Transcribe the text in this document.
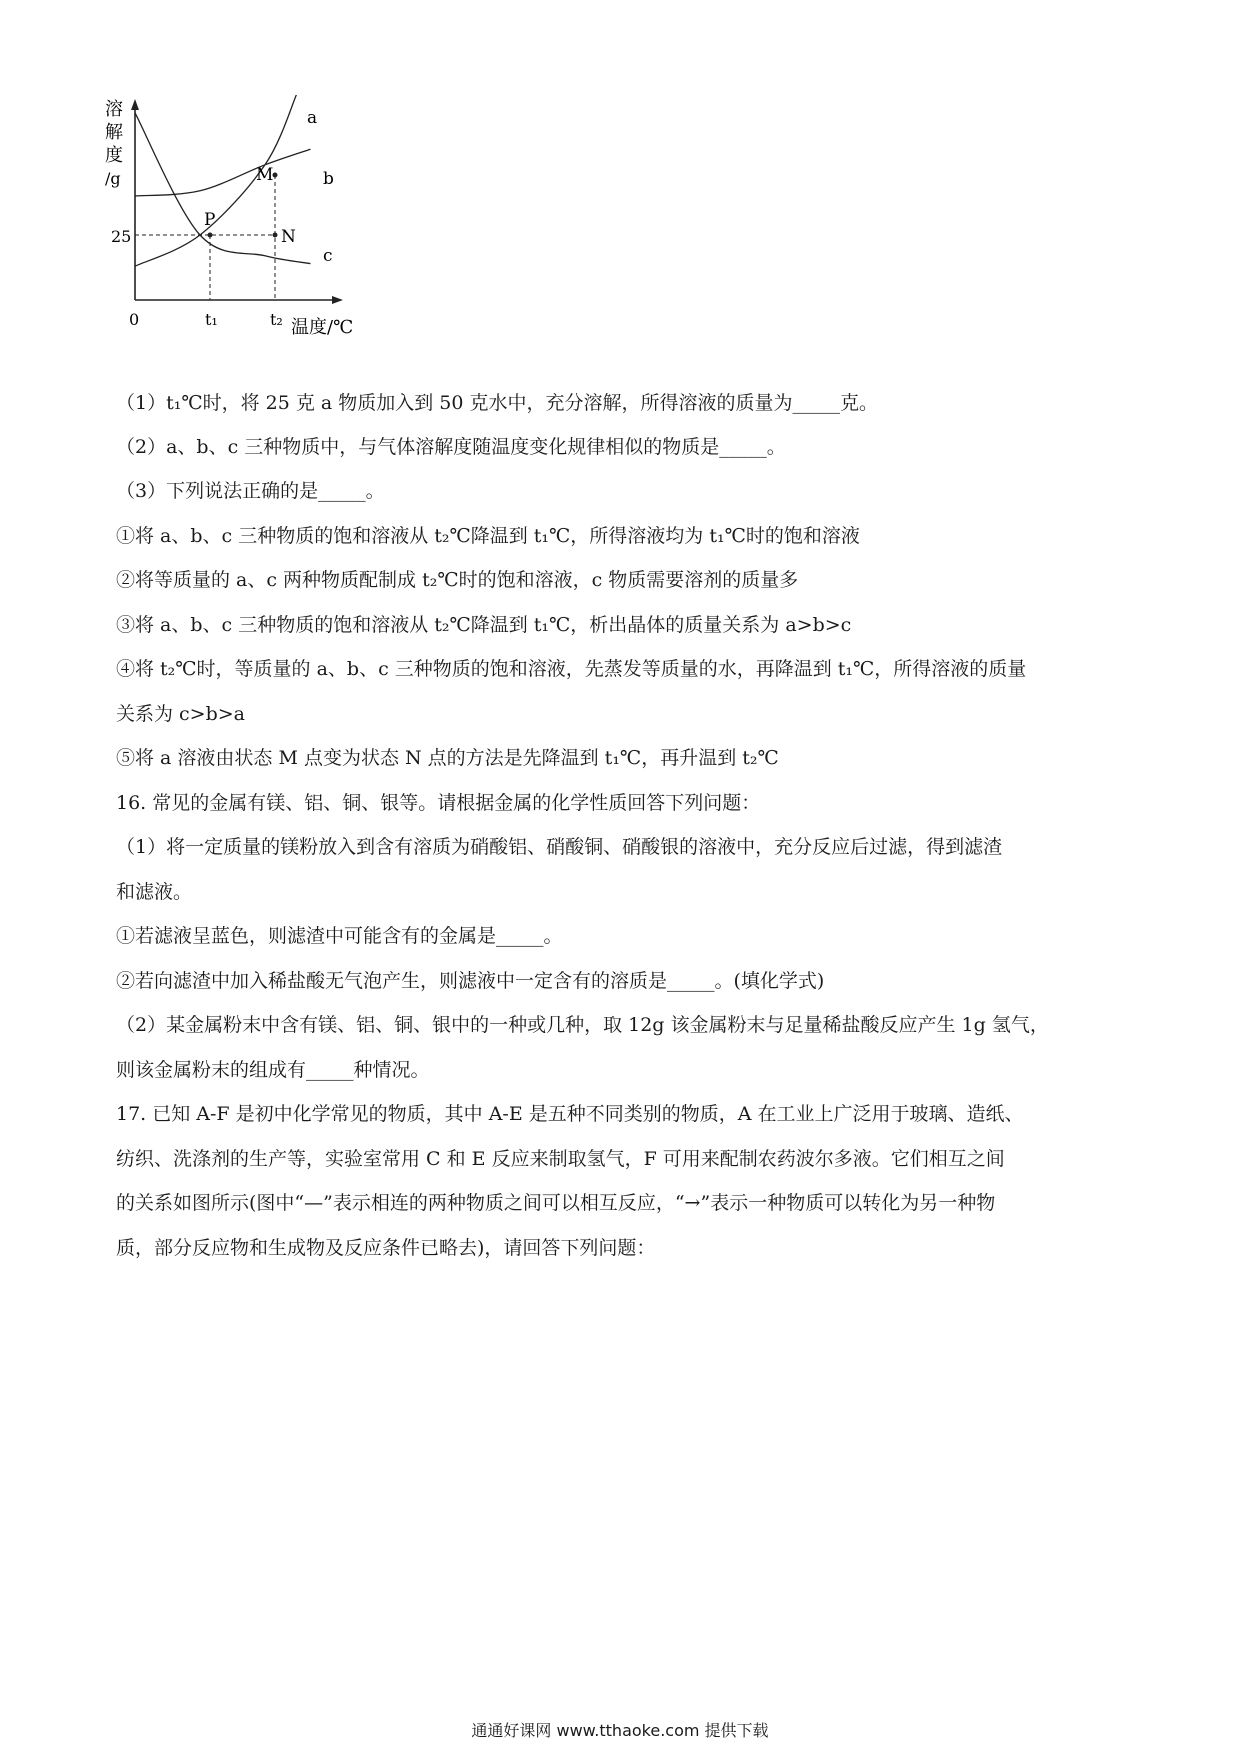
溶
解
度
/g
P
M
N
a
b
c
25
0	t₁	t₂ 温度/℃
（1）t₁℃时，将 25 克 a 物质加入到 50 克水中，充分溶解，所得溶液的质量为_____克。
（2）a、b、c 三种物质中，与气体溶解度随温度变化规律相似的物质是_____。
（3）下列说法正确的是_____。
①将 a、b、c 三种物质的饱和溶液从 t₂℃降温到 t₁℃，所得溶液均为 t₁℃时的饱和溶液
②将等质量的 a、c 两种物质配制成 t₂℃时的饱和溶液，c 物质需要溶剂的质量多
③将 a、b、c 三种物质的饱和溶液从 t₂℃降温到 t₁℃，析出晶体的质量关系为 a>b>c
④将 t₂℃时，等质量的 a、b、c 三种物质的饱和溶液，先蒸发等质量的水，再降温到 t₁℃，所得溶液的质量
关系为 c>b>a
⑤将 a 溶液由状态 M 点变为状态 N 点的方法是先降温到 t₁℃，再升温到 t₂℃
16. 常见的金属有镁、铝、铜、银等。请根据金属的化学性质回答下列问题：
（1）将一定质量的镁粉放入到含有溶质为硝酸铝、硝酸铜、硝酸银的溶液中，充分反应后过滤，得到滤渣
和滤液。
①若滤液呈蓝色，则滤渣中可能含有的金属是_____。
②若向滤渣中加入稀盐酸无气泡产生，则滤液中一定含有的溶质是_____。(填化学式)
（2）某金属粉末中含有镁、铝、铜、银中的一种或几种，取 12g 该金属粉末与足量稀盐酸反应产生 1g 氢气，
则该金属粉末的组成有_____种情况。
17. 已知 A-F 是初中化学常见的物质，其中 A-E 是五种不同类别的物质，A 在工业上广泛用于玻璃、造纸、
纺织、洗涤剂的生产等，实验室常用 C 和 E 反应来制取氢气，F 可用来配制农药波尔多液。它们相互之间
的关系如图所示(图中“—”表示相连的两种物质之间可以相互反应，“→”表示一种物质可以转化为另一种物
质，部分反应物和生成物及反应条件已略去)，请回答下列问题：
通通好课网 www.tthaoke.com 提供下载
